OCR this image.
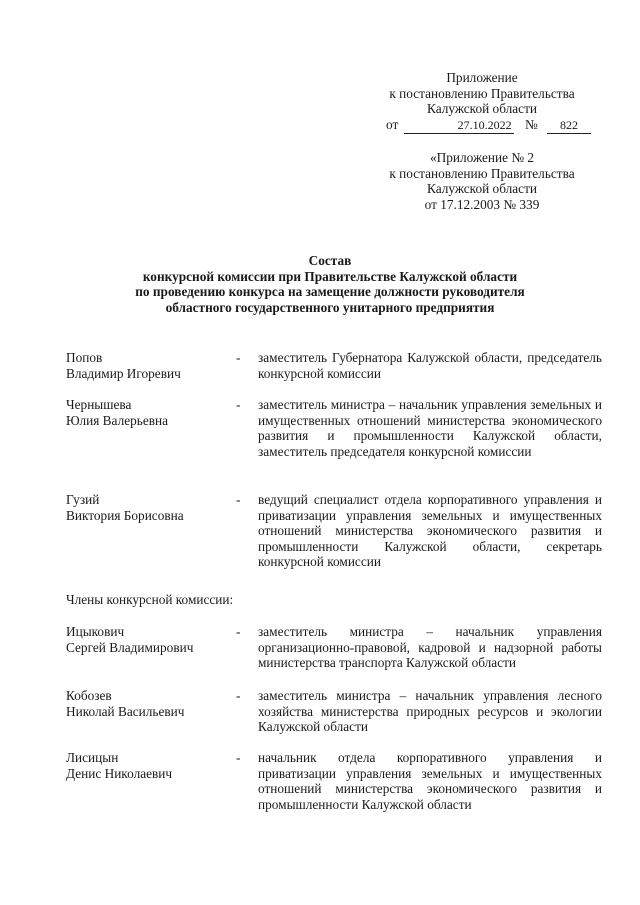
Приложение
к постановлению Правительства
Калужской области
от	27.10.2022 № 822
«Приложение № 2
к постановлению Правительства
Калужской области
от 17.12.2003 № 339
Состав
конкурсной комиссии при Правительстве Калужской области
по проведению конкурса на замещение должности руководителя
областного государственного унитарного предприятия
Попов
Владимир Игоревич
- заместитель Губернатора Калужской области, председатель конкурсной комиссии
Чернышева
Юлия Валерьевна
- заместитель министра – начальник управления земельных и имущественных отношений министерства экономического развития и промышленности Калужской области, заместитель председателя конкурсной комиссии
Гузий
Виктория Борисовна
- ведущий специалист отдела корпоративного управления и приватизации управления земельных и имущественных отношений министерства экономического развития и промышленности Калужской области, секретарь конкурсной комиссии
Члены конкурсной комиссии:
Ицыкович
Сергей Владимирович
- заместитель министра – начальник управления организационно-правовой, кадровой и надзорной работы министерства транспорта Калужской области
Кобозев
Николай Васильевич
- заместитель министра – начальник управления лесного хозяйства министерства природных ресурсов и экологии Калужской области
Лисицын
Денис Николаевич
- начальник отдела корпоративного управления и приватизации управления земельных и имущественных отношений министерства экономического развития и промышленности Калужской области
